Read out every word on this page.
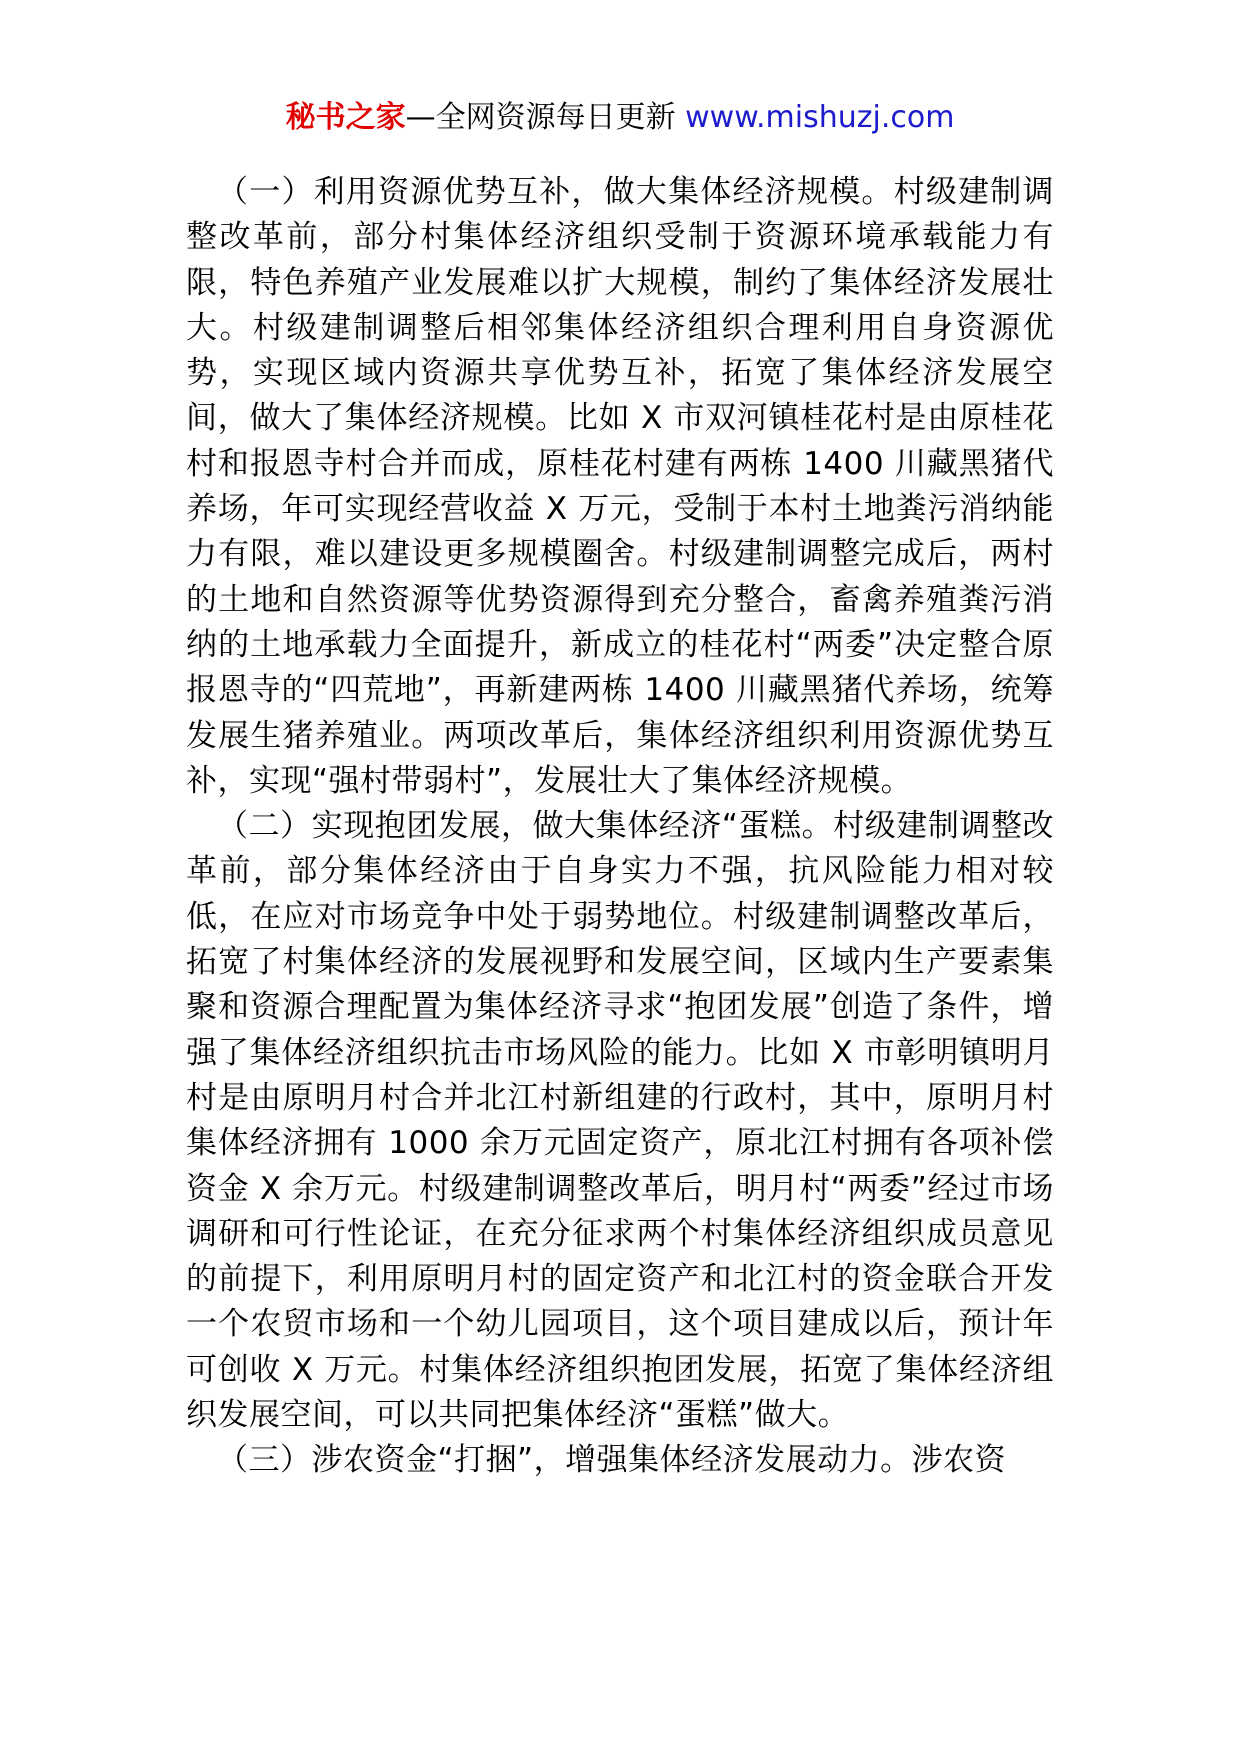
秘书之家—全网资源每日更新 www.mishuzj.com

（一）利用资源优势互补，做大集体经济规模。村级建制调整改革前，部分村集体经济组织受制于资源环境承载能力有限，特色养殖产业发展难以扩大规模，制约了集体经济发展壮大。村级建制调整后相邻集体经济组织合理利用自身资源优势，实现区域内资源共享优势互补，拓宽了集体经济发展空间，做大了集体经济规模。比如 X 市双河镇桂花村是由原桂花村和报恩寺村合并而成，原桂花村建有两栋 1400 川藏黑猪代养场，年可实现经营收益 X 万元，受制于本村土地粪污消纳能力有限，难以建设更多规模圈舍。村级建制调整完成后，两村的土地和自然资源等优势资源得到充分整合，畜禽养殖粪污消纳的土地承载力全面提升，新成立的桂花村“两委”决定整合原报恩寺的“四荒地”，再新建两栋 1400 川藏黑猪代养场，统筹发展生猪养殖业。两项改革后，集体经济组织利用资源优势互补，实现“强村带弱村”，发展壮大了集体经济规模。

（二）实现抱团发展，做大集体经济“蛋糕。村级建制调整改革前，部分集体经济由于自身实力不强，抗风险能力相对较低，在应对市场竞争中处于弱势地位。村级建制调整改革后，拓宽了村集体经济的发展视野和发展空间，区域内生产要素集聚和资源合理配置为集体经济寻求“抱团发展”创造了条件，增强了集体经济组织抗击市场风险的能力。比如 X 市彰明镇明月村是由原明月村合并北江村新组建的行政村，其中，原明月村集体经济拥有 1000 余万元固定资产，原北江村拥有各项补偿资金 X 余万元。村级建制调整改革后，明月村“两委”经过市场调研和可行性论证，在充分征求两个村集体经济组织成员意见的前提下，利用原明月村的固定资产和北江村的资金联合开发一个农贸市场和一个幼儿园项目，这个项目建成以后，预计年可创收 X 万元。村集体经济组织抱团发展，拓宽了集体经济组织发展空间，可以共同把集体经济“蛋糕”做大。

（三）涉农资金“打捆”，增强集体经济发展动力。涉农资
